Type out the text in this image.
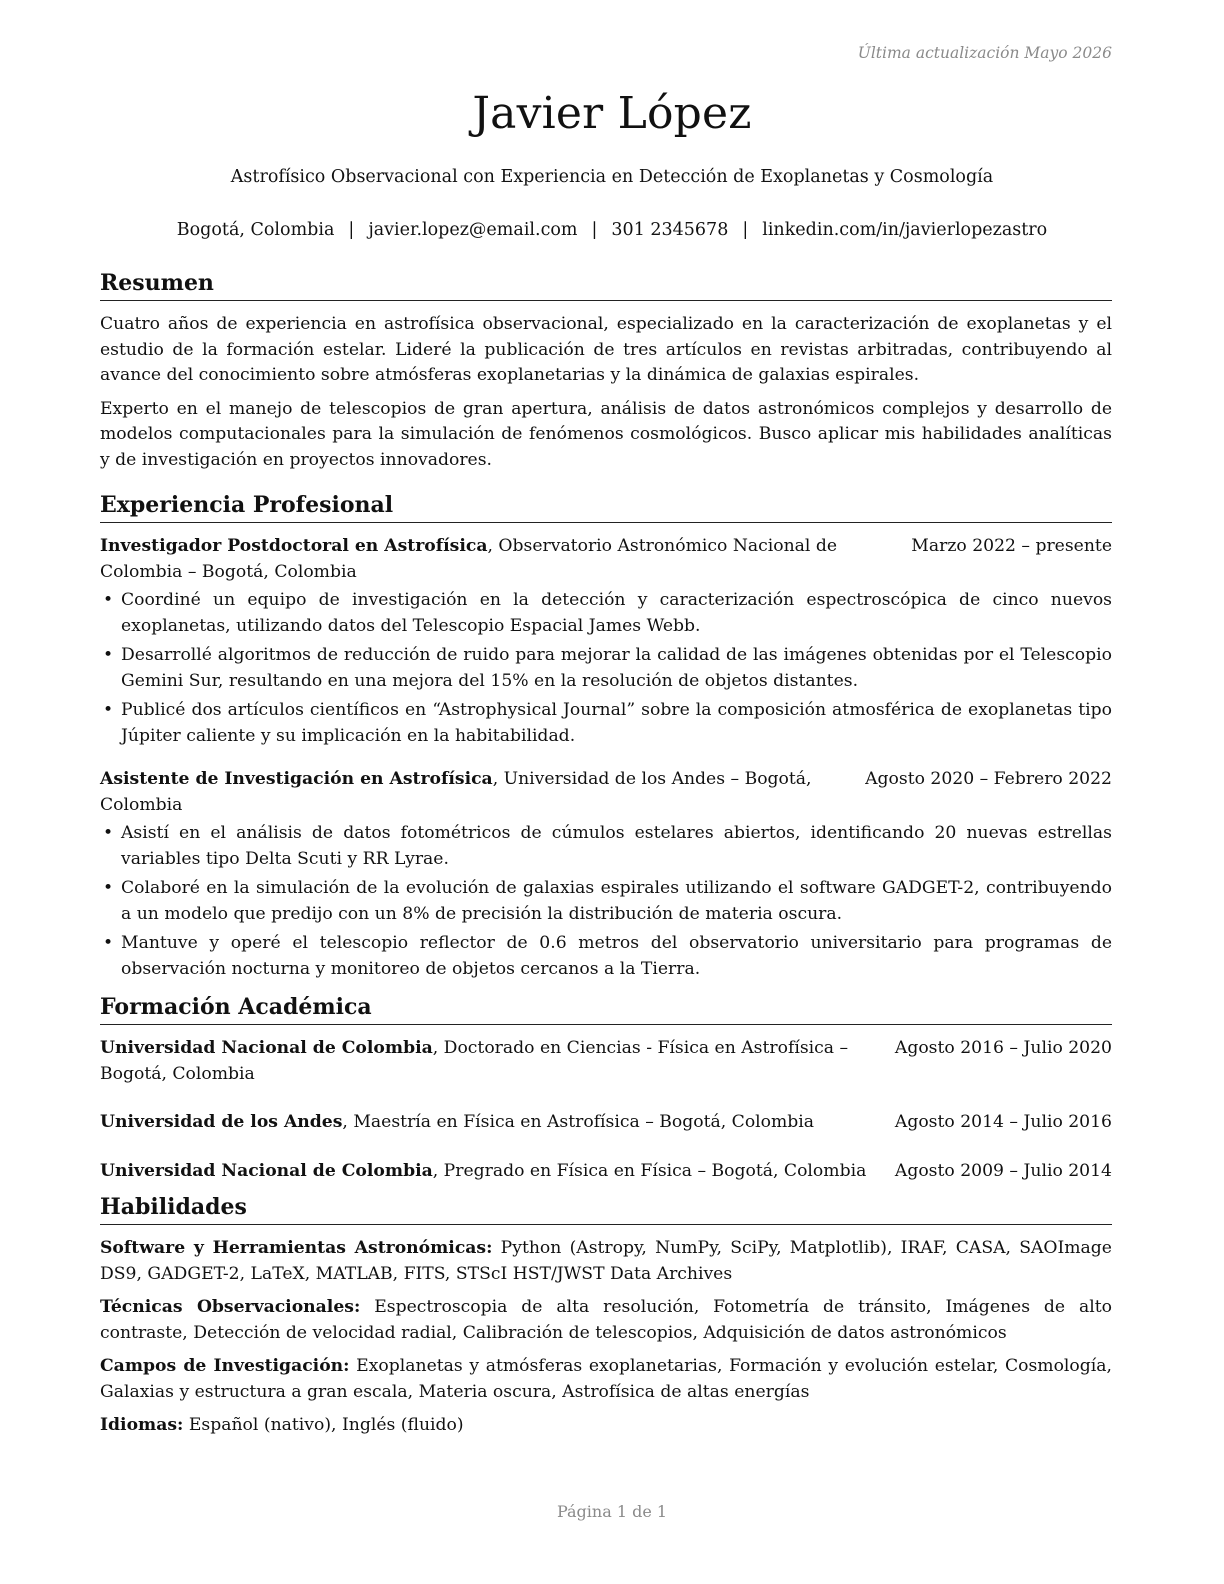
Última actualización Mayo 2026
Javier López
Astrofísico Observacional con Experiencia en Detección de Exoplanetas y Cosmología
Bogotá, Colombia | javier.lopez@email.com | 301 2345678 | linkedin.com/in/javierlopezastro
Resumen

Cuatro años de experiencia en astrofísica observacional, especializado en la caracterización de exoplanetas y el estudio de la formación estelar. Lideré la publicación de tres artículos en revistas arbitradas, contribuyendo al avance del conocimiento sobre atmósferas exoplanetarias y la dinámica de galaxias espirales.

Experto en el manejo de telescopios de gran apertura, análisis de datos astronómicos complejos y desarrollo de modelos computacionales para la simulación de fenómenos cosmológicos. Busco aplicar mis habilidades analíticas y de investigación en proyectos innovadores.

Experiencia Profesional
Investigador Postdoctoral en Astrofísica, Observatorio Astronómico Nacional de Colombia – Bogotá, Colombia
Marzo 2022 – presente
• Coordiné un equipo de investigación en la detección y caracterización espectroscópica de cinco nuevos exoplanetas, utilizando datos del Telescopio Espacial James Webb.
• Desarrollé algoritmos de reducción de ruido para mejorar la calidad de las imágenes obtenidas por el Telescopio Gemini Sur, resultando en una mejora del 15% en la resolución de objetos distantes.
• Publicé dos artículos científicos en “Astrophysical Journal” sobre la composición atmosférica de exoplanetas tipo Júpiter caliente y su implicación en la habitabilidad.
Asistente de Investigación en Astrofísica, Universidad de los Andes – Bogotá, Colombia
Agosto 2020 – Febrero 2022
• Asistí en el análisis de datos fotométricos de cúmulos estelares abiertos, identificando 20 nuevas estrellas variables tipo Delta Scuti y RR Lyrae.
• Colaboré en la simulación de la evolución de galaxias espirales utilizando el software GADGET-2, contribuyendo a un modelo que predijo con un 8% de precisión la distribución de materia oscura.
• Mantuve y operé el telescopio reflector de 0.6 metros del observatorio universitario para programas de observación nocturna y monitoreo de objetos cercanos a la Tierra.
Formación Académica
Universidad Nacional de Colombia, Doctorado en Ciencias - Física en Astrofísica – Bogotá, Colombia
Agosto 2016 – Julio 2020
Universidad de los Andes, Maestría en Física en Astrofísica – Bogotá, Colombia	Agosto 2014 – Julio 2016
Universidad Nacional de Colombia, Pregrado en Física en Física – Bogotá, Colombia	Agosto 2009 – Julio 2014
Habilidades

Software y Herramientas Astronómicas: Python (Astropy, NumPy, SciPy, Matplotlib), IRAF, CASA, SAOImage DS9, GADGET-2, LaTeX, MATLAB, FITS, STScI HST/JWST Data Archives

Técnicas Observacionales: Espectroscopia de alta resolución, Fotometría de tránsito, Imágenes de alto contraste, Detección de velocidad radial, Calibración de telescopios, Adquisición de datos astronómicos

Campos de Investigación: Exoplanetas y atmósferas exoplanetarias, Formación y evolución estelar, Cosmología, Galaxias y estructura a gran escala, Materia oscura, Astrofísica de altas energías

Idiomas: Español (nativo), Inglés (fluido)

Página 1 de 1
